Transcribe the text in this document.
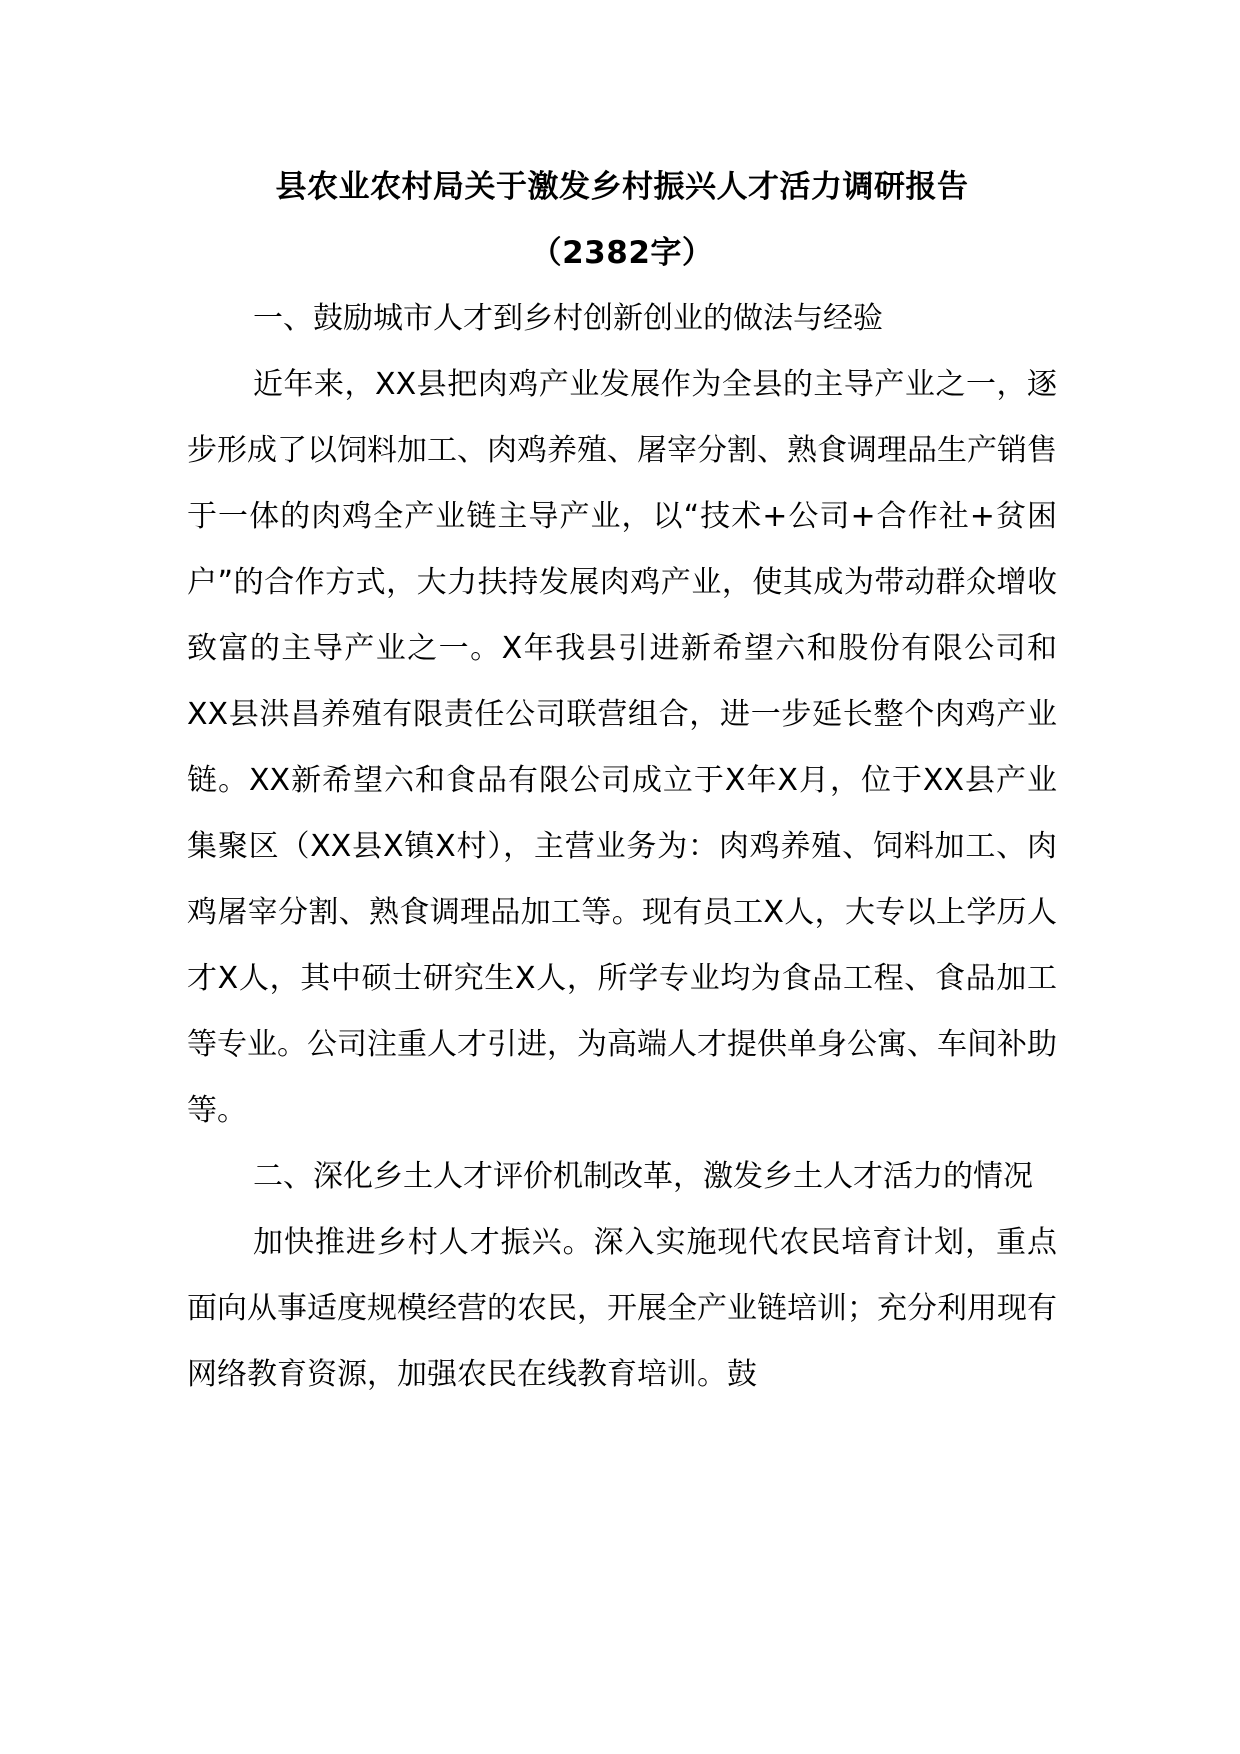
县农业农村局关于激发乡村振兴人才活力调研报告

（2382字）

一、鼓励城市人才到乡村创新创业的做法与经验

近年来，XX县把肉鸡产业发展作为全县的主导产业之一，逐步形成了以饲料加工、肉鸡养殖、屠宰分割、熟食调理品生产销售于一体的肉鸡全产业链主导产业，以“技术+公司+合作社+贫困户”的合作方式，大力扶持发展肉鸡产业，使其成为带动群众增收致富的主导产业之一。X年我县引进新希望六和股份有限公司和XX县洪昌养殖有限责任公司联营组合，进一步延长整个肉鸡产业链。XX新希望六和食品有限公司成立于X年X月，位于XX县产业集聚区（XX县X镇X村），主营业务为：肉鸡养殖、饲料加工、肉鸡屠宰分割、熟食调理品加工等。现有员工X人，大专以上学历人才X人，其中硕士研究生X人，所学专业均为食品工程、食品加工等专业。公司注重人才引进，为高端人才提供单身公寓、车间补助等。

二、深化乡土人才评价机制改革，激发乡土人才活力的情况

加快推进乡村人才振兴。深入实施现代农民培育计划，重点面向从事适度规模经营的农民，开展全产业链培训；充分利用现有网络教育资源，加强农民在线教育培训。鼓
